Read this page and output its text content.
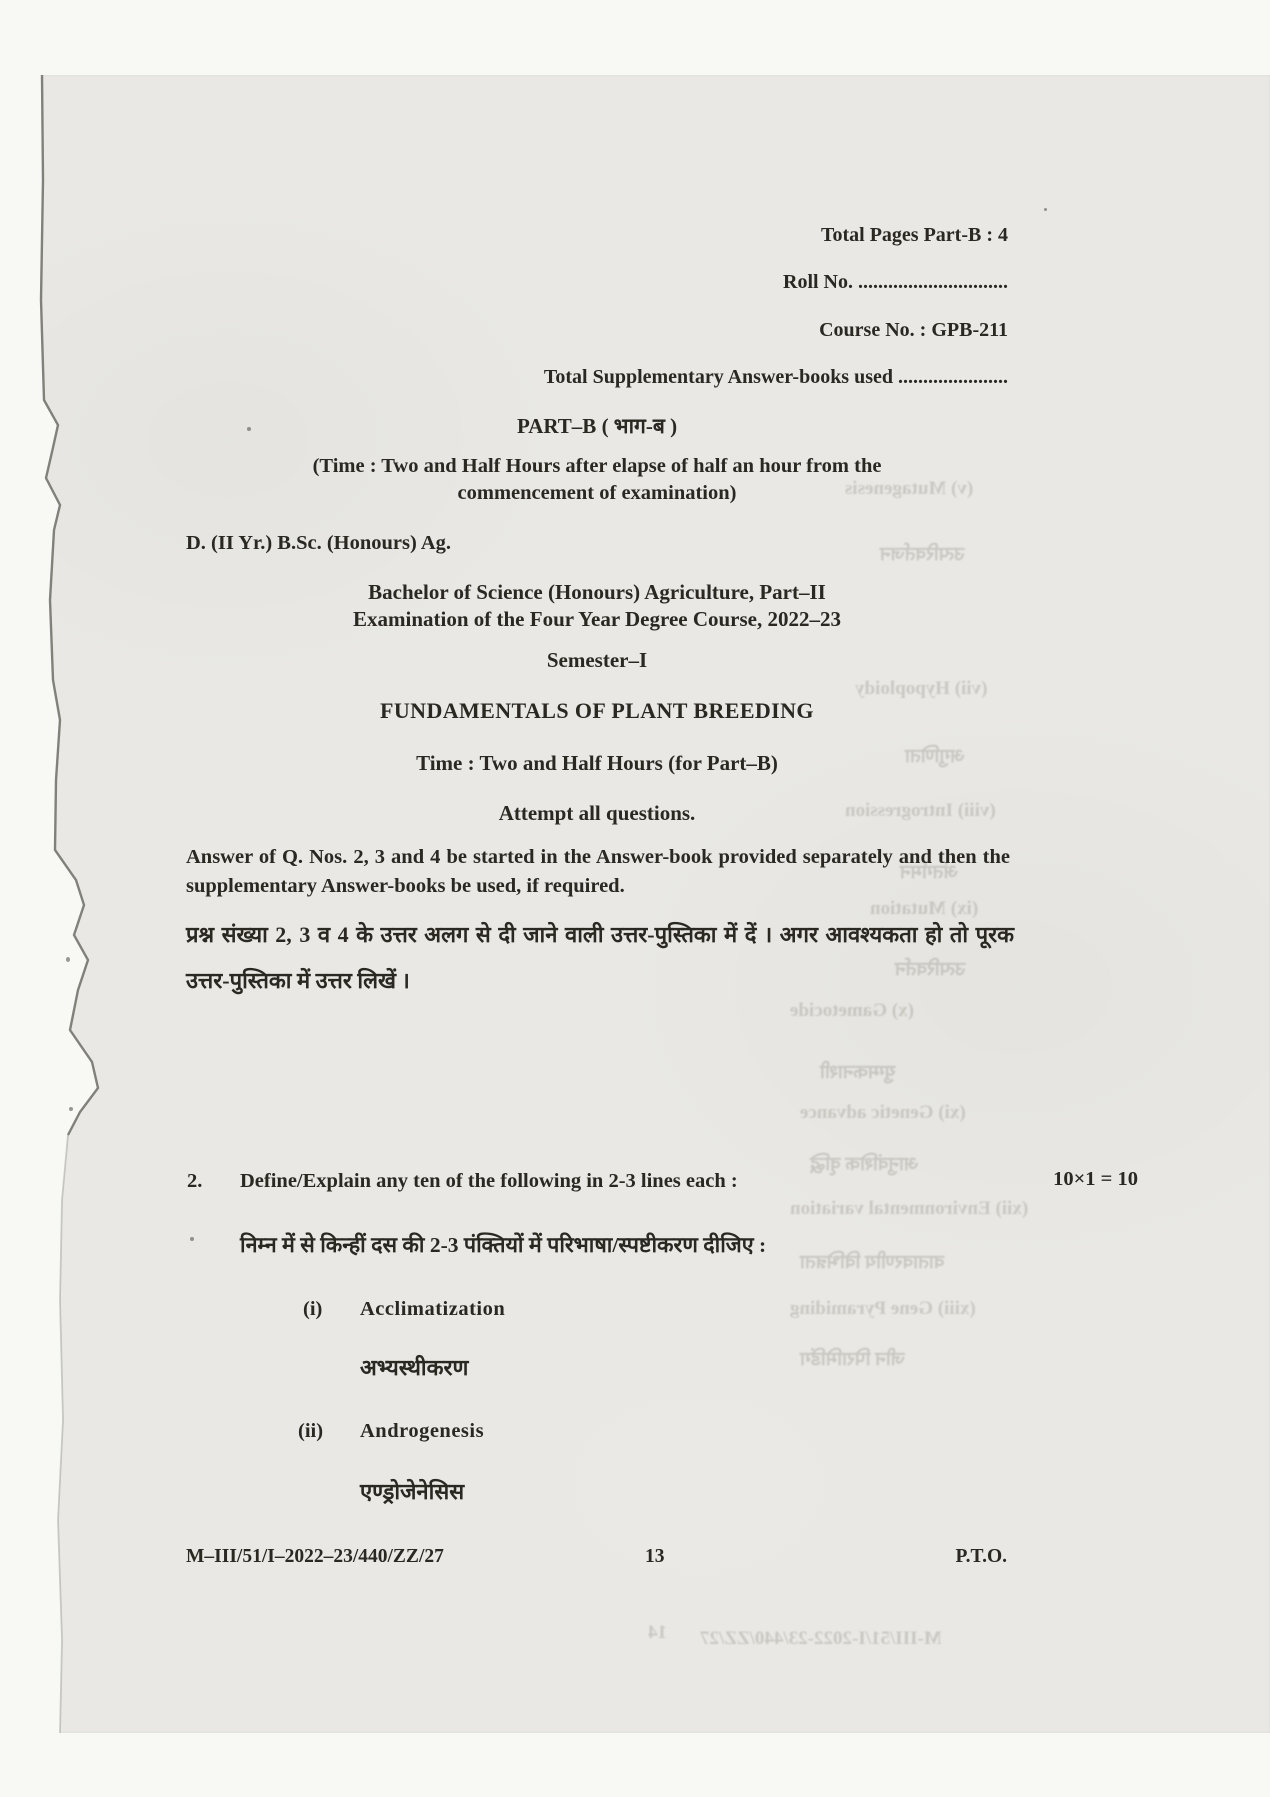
(v) Mutagenesis
उत्परिवर्तजन
(vii) Hypoploidy
अगुणिता
(viii) Introgression
अंतर्गमन
(ix) Mutation
उत्परिवर्तन
(x) Gametocide
युग्मकनाशी
(xi) Genetic advance
आनुवंशिक वृद्धि
(xii) Environmental variation
वातावरणीय विभिन्नता
(xiii) Gene Pyramiding
जीन पिरामिडिंग
M-III/51/I-2022-23/440/ZZ/27
14
Total Pages Part-B : 4
Roll No. ..............................
Course No. : GPB-211
Total Supplementary Answer-books used ......................
PART–B ( भाग-ब )
(Time : Two and Half Hours after elapse of half an hour from the
commencement of examination)
D. (II Yr.) B.Sc. (Honours) Ag.
Bachelor of Science (Honours) Agriculture, Part–II
Examination of the Four Year Degree Course, 2022–23
Semester–I
FUNDAMENTALS OF PLANT BREEDING
Time : Two and Half Hours (for Part–B)
Attempt all questions.
Answer of Q. Nos. 2, 3 and 4 be started in the Answer-book provided separately and then the supplementary Answer-books be used, if required.
प्रश्न संख्या 2, 3 व 4 के उत्तर अलग से दी जाने वाली उत्तर-पुस्तिका में दें । अगर आवश्यकता हो तो पूरक उत्तर-पुस्तिका में उत्तर लिखें ।
2. Define/Explain any ten of the following in 2-3 lines each :	10×1 = 10
निम्न में से किन्हीं दस की 2-3 पंक्तियों में परिभाषा/स्पष्टीकरण दीजिए :
(i) Acclimatization
अभ्यस्थीकरण
(ii) Androgenesis
एण्ड्रोजेनेसिस
M–III/51/I–2022–23/440/ZZ/27	13	P.T.O.
